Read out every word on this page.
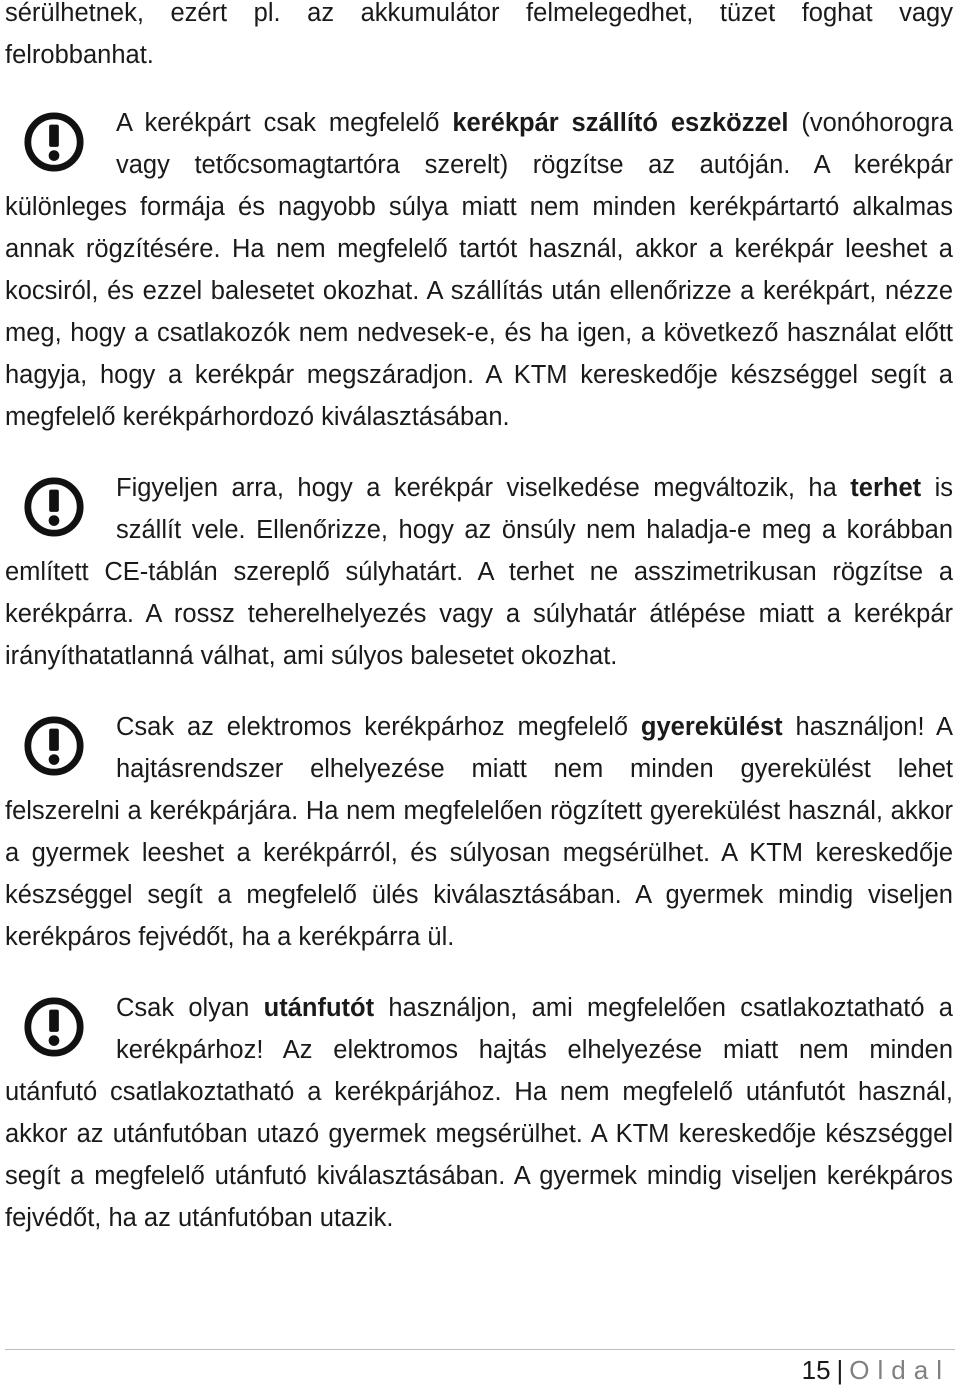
sérülhetnek, ezért pl. az akkumulátor felmelegedhet, tüzet foghat vagy felrobbanhat.

A kerékpárt csak megfelelő kerékpár szállító eszközzel (vonóhorogra vagy tetőcsomagtartóra szerelt) rögzítse az autóján. A kerékpár különleges formája és nagyobb súlya miatt nem minden kerékpártartó alkalmas annak rögzítésére. Ha nem megfelelő tartót használ, akkor a kerékpár leeshet a kocsiról, és ezzel balesetet okozhat. A szállítás után ellenőrizze a kerékpárt, nézze meg, hogy a csatlakozók nem nedvesek-e, és ha igen, a következő használat előtt hagyja, hogy a kerékpár megszáradjon. A KTM kereskedője készséggel segít a megfelelő kerékpárhordozó kiválasztásában.

Figyeljen arra, hogy a kerékpár viselkedése megváltozik, ha terhet is szállít vele. Ellenőrizze, hogy az önsúly nem haladja-e meg a korábban említett CE-táblán szereplő súlyhatárt. A terhet ne asszimetrikusan rögzítse a kerékpárra. A rossz teherelhelyezés vagy a súlyhatár átlépése miatt a kerékpár irányíthatatlanná válhat, ami súlyos balesetet okozhat.

Csak az elektromos kerékpárhoz megfelelő gyerekülést használjon! A hajtásrendszer elhelyezése miatt nem minden gyerekülést lehet felszerelni a kerékpárjára. Ha nem megfelelően rögzített gyerekülést használ, akkor a gyermek leeshet a kerékpárról, és súlyosan megsérülhet. A KTM kereskedője készséggel segít a megfelelő ülés kiválasztásában. A gyermek mindig viseljen kerékpáros fejvédőt, ha a kerékpárra ül.

Csak olyan utánfutót használjon, ami megfelelően csatlakoztatható a kerékpárhoz! Az elektromos hajtás elhelyezése miatt nem minden utánfutó csatlakoztatható a kerékpárjához. Ha nem megfelelő utánfutót használ, akkor az utánfutóban utazó gyermek megsérülhet. A KTM kereskedője készséggel segít a megfelelő utánfutó kiválasztásában. A gyermek mindig viseljen kerékpáros fejvédőt, ha az utánfutóban utazik.

15 | Oldal
